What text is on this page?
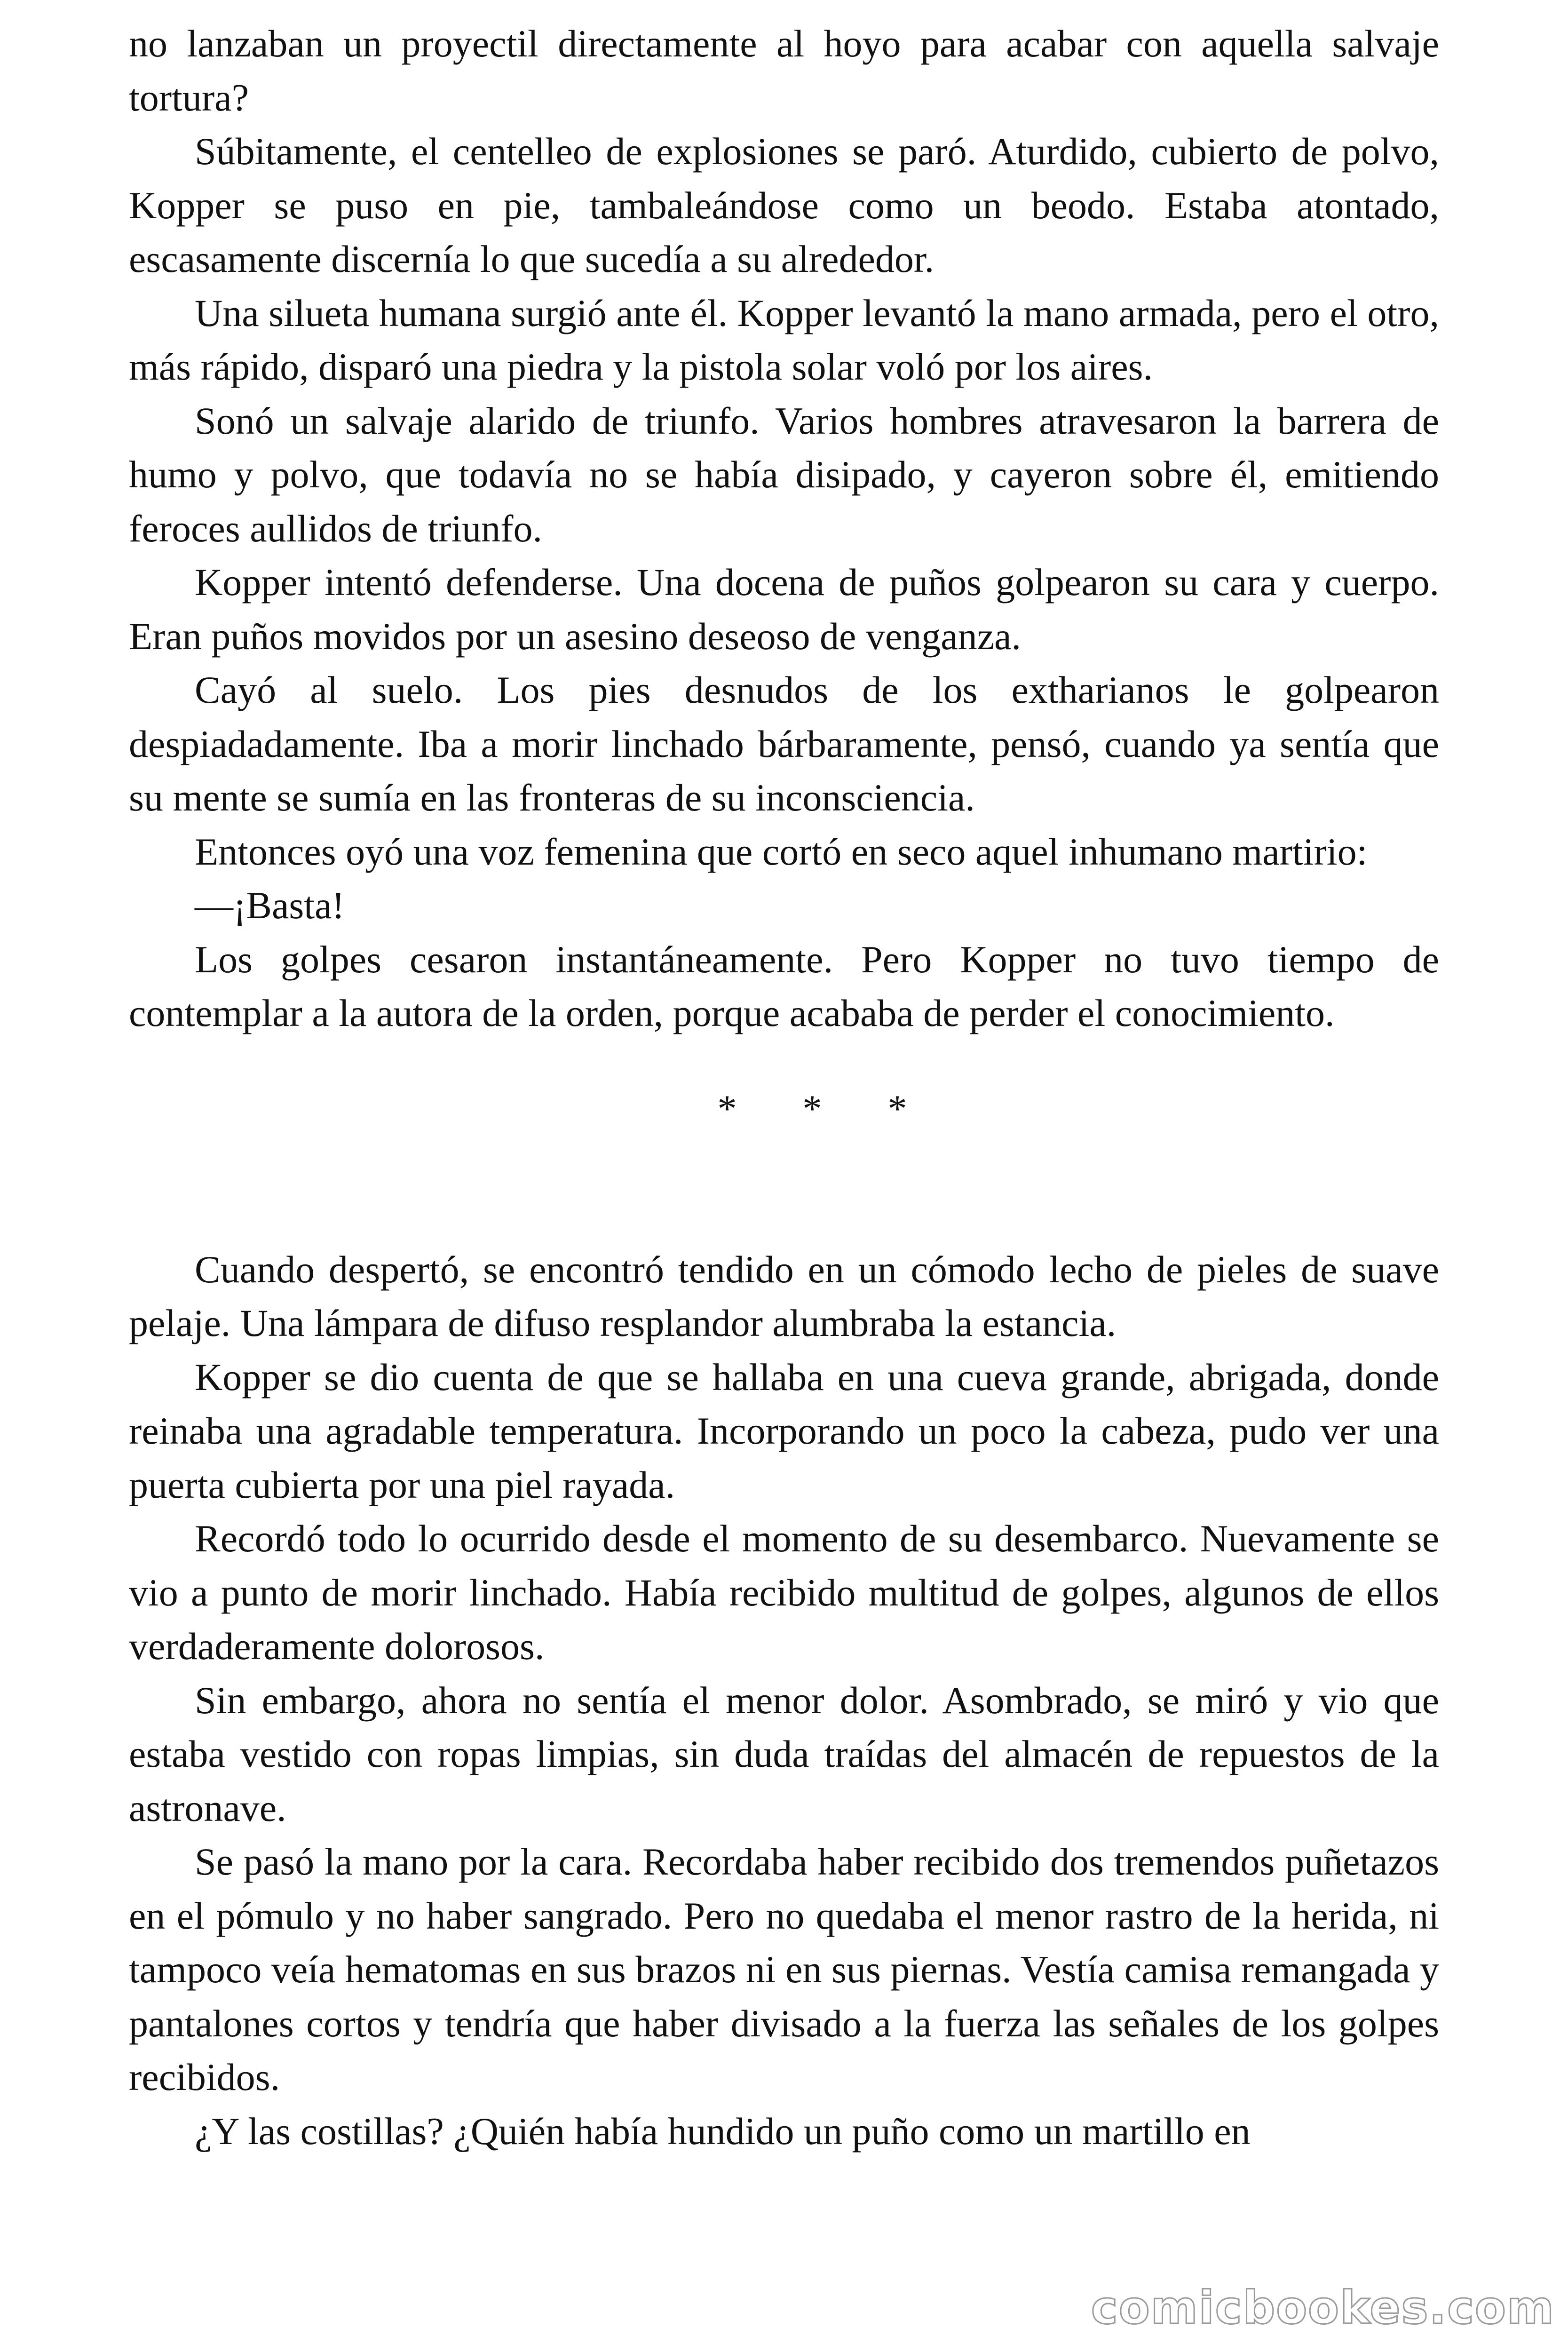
no lanzaban un proyectil directamente al hoyo para acabar con aquella salvaje tortura?

Súbitamente, el centelleo de explosiones se paró. Aturdido, cubierto de polvo, Kopper se puso en pie, tambaleándose como un beodo. Estaba atontado, escasamente discernía lo que sucedía a su alrededor.

Una silueta humana surgió ante él. Kopper levantó la mano armada, pero el otro, más rápido, disparó una piedra y la pistola solar voló por los aires.

Sonó un salvaje alarido de triunfo. Varios hombres atravesaron la barrera de humo y polvo, que todavía no se había disipado, y cayeron sobre él, emitiendo feroces aullidos de triunfo.

Kopper intentó defenderse. Una docena de puños golpearon su cara y cuerpo. Eran puños movidos por un asesino deseoso de venganza.

Cayó al suelo. Los pies desnudos de los extharianos le golpearon despiadadamente. Iba a morir linchado bárbaramente, pensó, cuando ya sentía que su mente se sumía en las fronteras de su inconsciencia.

Entonces oyó una voz femenina que cortó en seco aquel inhumano martirio:

—¡Basta!

Los golpes cesaron instantáneamente. Pero Kopper no tuvo tiempo de contemplar a la autora de la orden, porque acababa de perder el conocimiento.

* * *

Cuando despertó, se encontró tendido en un cómodo lecho de pieles de suave pelaje. Una lámpara de difuso resplandor alumbraba la estancia.

Kopper se dio cuenta de que se hallaba en una cueva grande, abrigada, donde reinaba una agradable temperatura. Incorporando un poco la cabeza, pudo ver una puerta cubierta por una piel rayada.

Recordó todo lo ocurrido desde el momento de su desembarco. Nuevamente se vio a punto de morir linchado. Había recibido multitud de golpes, algunos de ellos verdaderamente dolorosos.

Sin embargo, ahora no sentía el menor dolor. Asombrado, se miró y vio que estaba vestido con ropas limpias, sin duda traídas del almacén de repuestos de la astronave.

Se pasó la mano por la cara. Recordaba haber recibido dos tremendos puñetazos en el pómulo y no haber sangrado. Pero no quedaba el menor rastro de la herida, ni tampoco veía hematomas en sus brazos ni en sus piernas. Vestía camisa remangada y pantalones cortos y tendría que haber divisado a la fuerza las señales de los golpes recibidos.

¿Y las costillas? ¿Quién había hundido un puño como un martillo en

comicbookes.com
